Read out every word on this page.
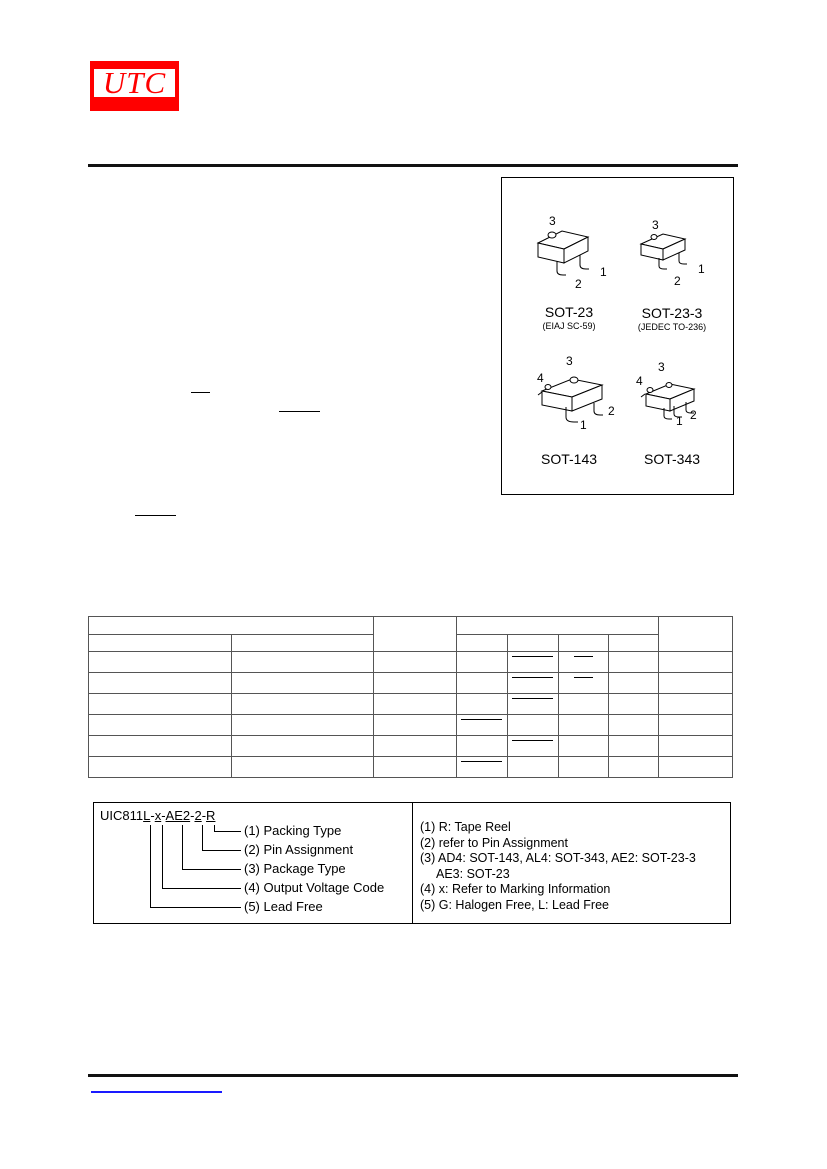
UTC
3
2
1
SOT-23
(EIAJ SC-59)
3
2
1
SOT-23-3
(JEDEC TO-236)
3
4
2
1
SOT-143
3
4
1 2
SOT-343

UIC811L-x-AE2-2-R
(1) Packing Type
(2) Pin Assignment
(3) Package Type
(4) Output Voltage Code
(5) Lead Free
(1) R: Tape Reel
(2) refer to Pin Assignment
(3) AD4: SOT-143, AL4: SOT-343, AE2: SOT-23-3
AE3: SOT-23
(4) x: Refer to Marking Information
(5) G: Halogen Free, L: Lead Free
